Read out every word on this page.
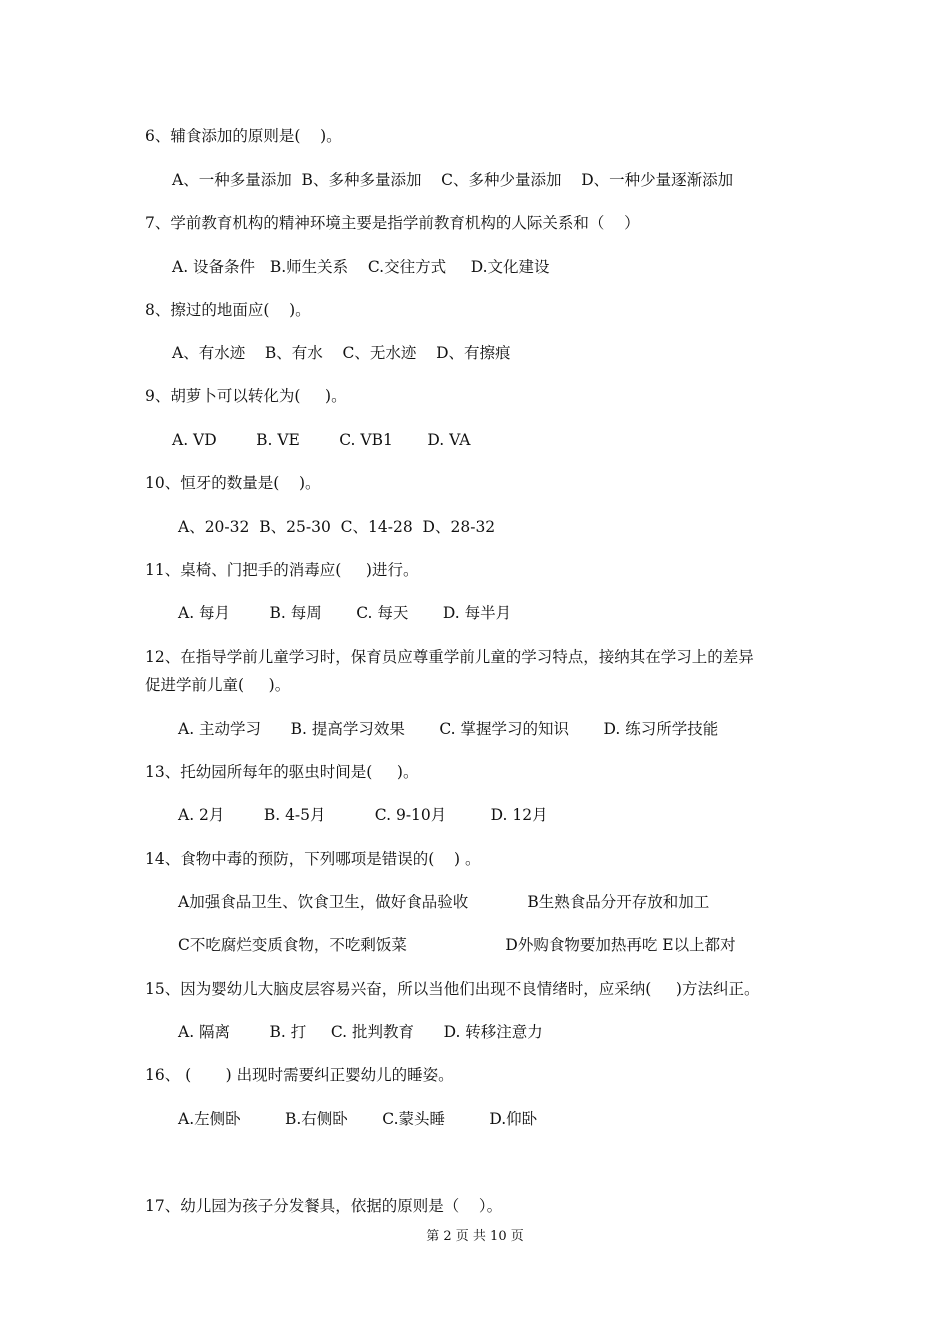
6、辅食添加的原则是(    )。
A、一种多量添加  B、多种多量添加    C、多种少量添加    D、一种少量逐渐添加
7、学前教育机构的精神环境主要是指学前教育机构的人际关系和（    ）
A. 设备条件   B.师生关系    C.交往方式     D.文化建设
8、擦过的地面应(    )。
A、有水迹    B、有水    C、无水迹    D、有擦痕
9、胡萝卜可以转化为(     )。
A. VD        B. VE        C. VB1       D. VA
10、恒牙的数量是(    )。
A、20-32  B、25-30  C、14-28  D、28-32
11、桌椅、门把手的消毒应(     )进行。
A. 每月        B. 每周       C. 每天       D. 每半月
12、在指导学前儿童学习时，保育员应尊重学前儿童的学习特点，接纳其在学习上的差异
促进学前儿童(     )。
A. 主动学习      B. 提高学习效果       C. 掌握学习的知识       D. 练习所学技能
13、托幼园所每年的驱虫时间是(     )。
A. 2月        B. 4-5月          C. 9-10月         D. 12月
14、食物中毒的预防，下列哪项是错误的(    ) 。
A加强食品卫生、饮食卫生，做好食品验收            B生熟食品分开存放和加工
C不吃腐烂变质食物，不吃剩饭菜                    D外购食物要加热再吃 E以上都对
15、因为婴幼儿大脑皮层容易兴奋，所以当他们出现不良情绪时，应采纳(     )方法纠正。
A. 隔离        B. 打     C. 批判教育      D. 转移注意力
16、 (       ) 出现时需要纠正婴幼儿的睡姿。
A.左侧卧         B.右侧卧       C.蒙头睡         D.仰卧
17、幼儿园为孩子分发餐具，依据的原则是（    ）。
第 2 页 共 10 页
